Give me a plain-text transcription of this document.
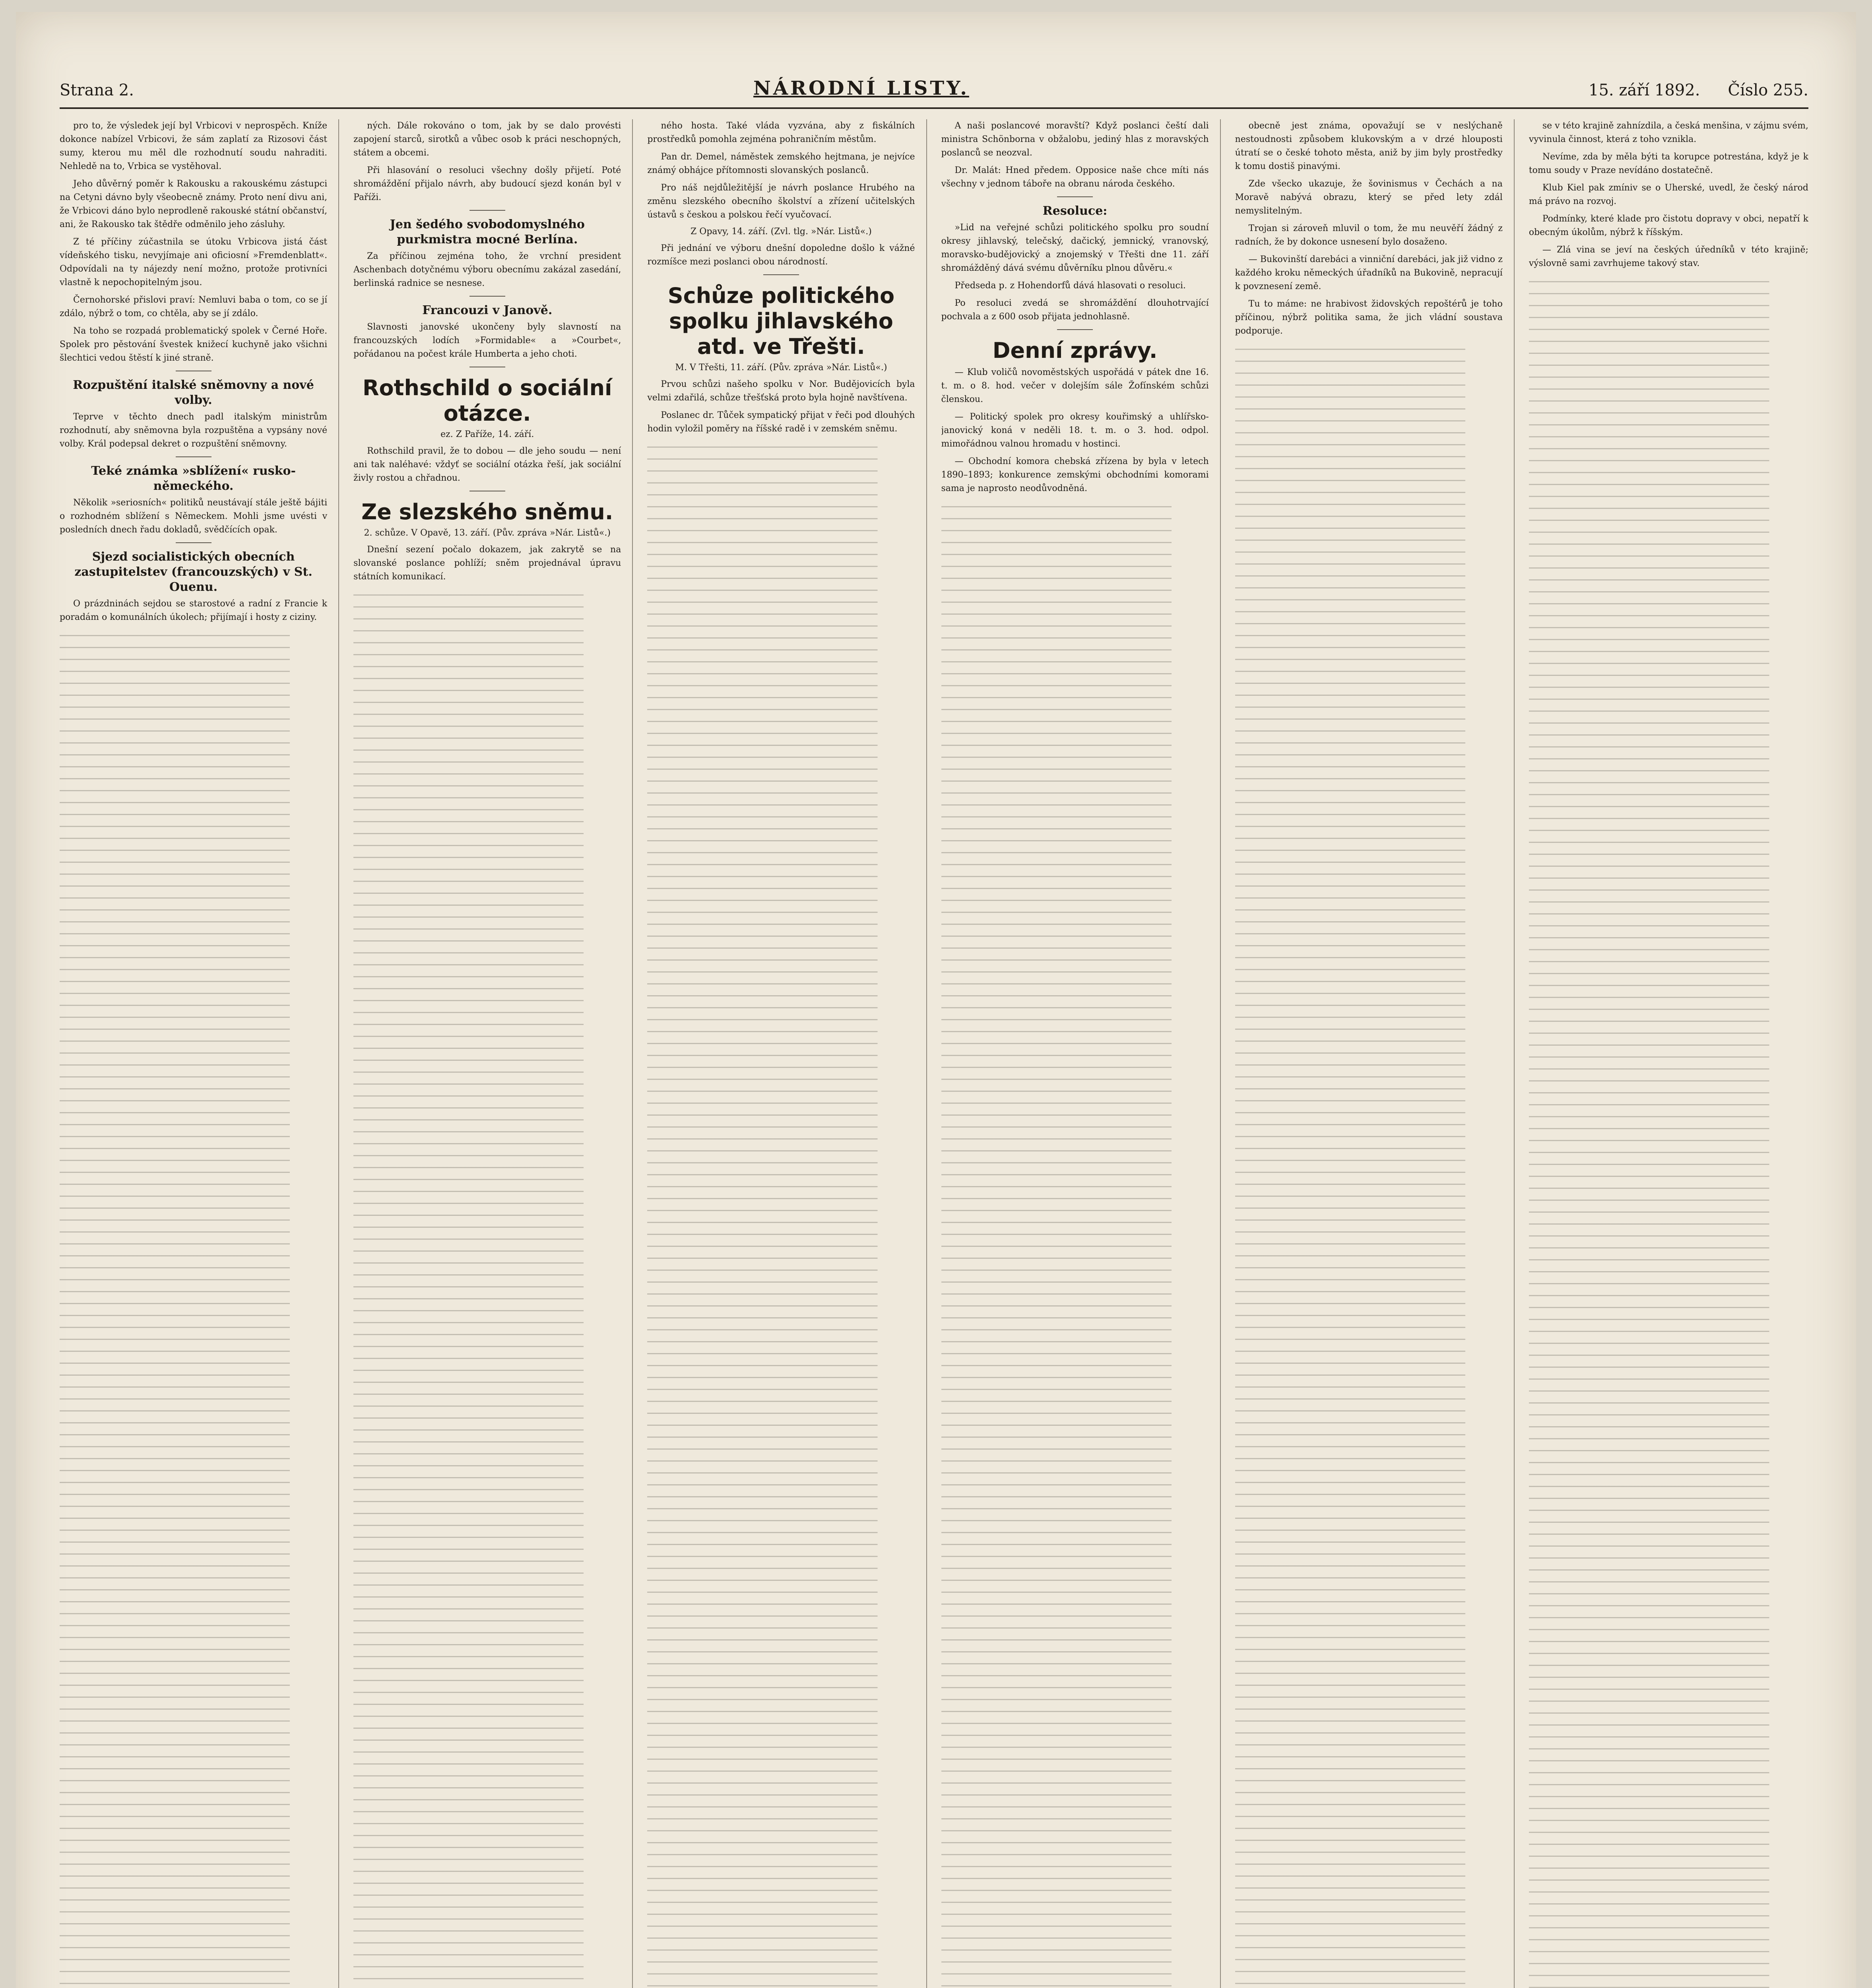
Strana 2.	NÁRODNÍ LISTY.	15. září 1892. Číslo 255.
pro to, že výsledek její byl Vrbicovi v neprospěch. Kníže dokonce nabízel Vrbicovi, že sám zaplatí za Rizosovi část sumy, kterou mu měl dle rozhodnutí soudu nahraditi. Nehledě na to, Vrbica se vystěhoval.
Jeho důvěrný poměr k Rakousku a rakouskému zástupci na Cetyni dávno byly všeobecně známy. Proto není divu ani, že Vrbicovi dáno bylo neprodleně rakouské státní občanství, ani, že Rakousko tak štědře odměnilo jeho zásluhy.
Z té příčiny zúčastnila se útoku Vrbicova jistá část vídeňského tisku, nevyjímaje ani oficiosní »Fremdenblatt«. Odpovídali na ty nájezdy není možno, protože protivníci vlastně k nepochopitelným jsou.
Černohorské přislovi praví: Nemluvi baba o tom, co se jí zdálo, nýbrž o tom, co chtěla, aby se jí zdálo.
Na toho se rozpadá problematický spolek v Černé Hoře. Spolek pro pěstování švestek knižecí kuchyně jako všichni šlechtici vedou štěstí k jiné straně.
Rozpuštění italské sněmovny a nové volby.
Teprve v těchto dnech padl italským ministrům rozhodnutí, aby sněmovna byla rozpuštěna a vypsány nové volby. Král podepsal dekret o rozpuštění sněmovny.
Teké známka »sblížení« rusko-německého.
Několik »seriosních« politiků neustávají stále ještě bájiti o rozhodném sblížení s Německem. Mohli jsme uvésti v posledních dnech řadu dokladů, svědčících opak.
Sjezd socialistických obecních zastupitelstev (francouzských) v St. Ouenu.
O prázdninách sejdou se starostové a radní z Francie k poradám o komunálních úkolech; přijímají i hosty z ciziny.
ných. Dále rokováno o tom, jak by se dalo provésti zapojení starců, sirotků a vůbec osob k práci neschopných, státem a obcemi.
Při hlasování o resoluci všechny došly přijetí. Poté shromáždění přijalo návrh, aby budoucí sjezd konán byl v Paříži.
Jen šedého svobodomyslného purkmistra mocné Berlína.
Za příčinou zejména toho, že vrchní president Aschenbach dotyčnému výboru obecnímu zakázal zasedání, berlinská radnice se nesnese.
Francouzi v Janově.
Slavnosti janovské ukončeny byly slavností na francouzských lodích »Formidable« a »Courbet«, pořádanou na počest krále Humberta a jeho choti.
Rothschild o sociální otázce.
ez. Z Paříže, 14. září.
Rothschild pravil, že to dobou — dle jeho soudu — není ani tak naléhavé: vždyť se sociální otázka řeší, jak sociální živly rostou a chřadnou.
Ze slezského sněmu.
2. schůze. V Opavě, 13. září. (Pův. zpráva »Nár. Listů«.)
Dnešní sezení počalo dokazem, jak zakrytě se na slovanské poslance pohlíží; sněm projednával úpravu státních komunikací.
ného hosta. Také vláda vyzvána, aby z fiskálních prostředků pomohla zejména pohraničním městům.
Pan dr. Demel, náměstek zemského hejtmana, je nejvíce známý obhájce přítomnosti slovanských poslanců.
Pro náš nejdůležitější je návrh poslance Hrubého na změnu slezského obecního školství a zřízení učitelských ústavů s českou a polskou řečí vyučovací.
Z Opavy, 14. září. (Zvl. tlg. »Nár. Listů«.)
Při jednání ve výboru dnešní dopoledne došlo k vážné rozmíšce mezi poslanci obou národností.
Schůze politického spolku jihlavského atd. ve Třešti.
M. V Třešti, 11. září. (Pův. zpráva »Nár. Listů«.)
Prvou schůzi našeho spolku v Nor. Budějovicích byla velmi zdařilá, schůze třešťská proto byla hojně navštívena.
Poslanec dr. Tůček sympatický přijat v řeči pod dlouhých hodin vyložil poměry na říšské radě i v zemském sněmu.
A naši poslancové moravští? Když poslanci čeští dali ministra Schönborna v obžalobu, jediný hlas z moravských poslanců se neozval.
Dr. Malát: Hned předem. Opposice naše chce míti nás všechny v jednom táboře na obranu národa českého.
Resoluce:
»Lid na veřejné schůzi politického spolku pro soudní okresy jihlavský, telečský, dačický, jemnický, vranovský, moravsko-budějovický a znojemský v Třešti dne 11. září shromážděný dává svému důvěrníku plnou důvěru.«
Předseda p. z Hohendorfů dává hlasovati o resoluci.
Po resoluci zvedá se shromáždění dlouhotrvající pochvala a z 600 osob přijata jednohlasně.
Denní zprávy.
— Klub voličů novoměstských uspořádá v pátek dne 16. t. m. o 8. hod. večer v dolejším sále Žofínském schůzi členskou.
— Politický spolek pro okresy kouřimský a uhlířsko-janovický koná v neděli 18. t. m. o 3. hod. odpol. mimořádnou valnou hromadu v hostinci.
— Obchodní komora chebská zřízena by byla v letech 1890–1893; konkurence zemskými obchodními komorami sama je naprosto neodůvodněná.
obecně jest známa, opovažují se v neslýchaně nestoudnosti způsobem klukovským a v drzé hlouposti útratí se o české tohoto města, aniž by jim byly prostředky k tomu dostiš pinavými.
Zde všecko ukazuje, že šovinismus v Čechách a na Moravě nabývá obrazu, který se před lety zdál nemyslitelným.
Trojan si zároveň mluvil o tom, že mu neuvěří žádný z radních, že by dokonce usnesení bylo dosaženo.
— Bukovinští darebáci a vinniční darebáci, jak již vidno z každého kroku německých úřadníků na Bukovině, nepracují k povznesení země.
Tu to máme: ne hrabivost židovských repoštérů je toho příčinou, nýbrž politika sama, že jich vládní soustava podporuje.
se v této krajině zahnízdila, a česká menšina, v zájmu svém, vyvinula činnost, která z toho vznikla.
Nevíme, zda by měla býti ta korupce potrestána, když je k tomu soudy v Praze nevídáno dostatečně.
Klub Kiel pak zmíniv se o Uherské, uvedl, že český národ má právo na rozvoj.
Podmínky, které klade pro čistotu dopravy v obci, nepatří k obecným úkolům, nýbrž k říšským.
— Zlá vina se jeví na českých úředníků v této krajině; výslovně sami zavrhujeme takový stav.
